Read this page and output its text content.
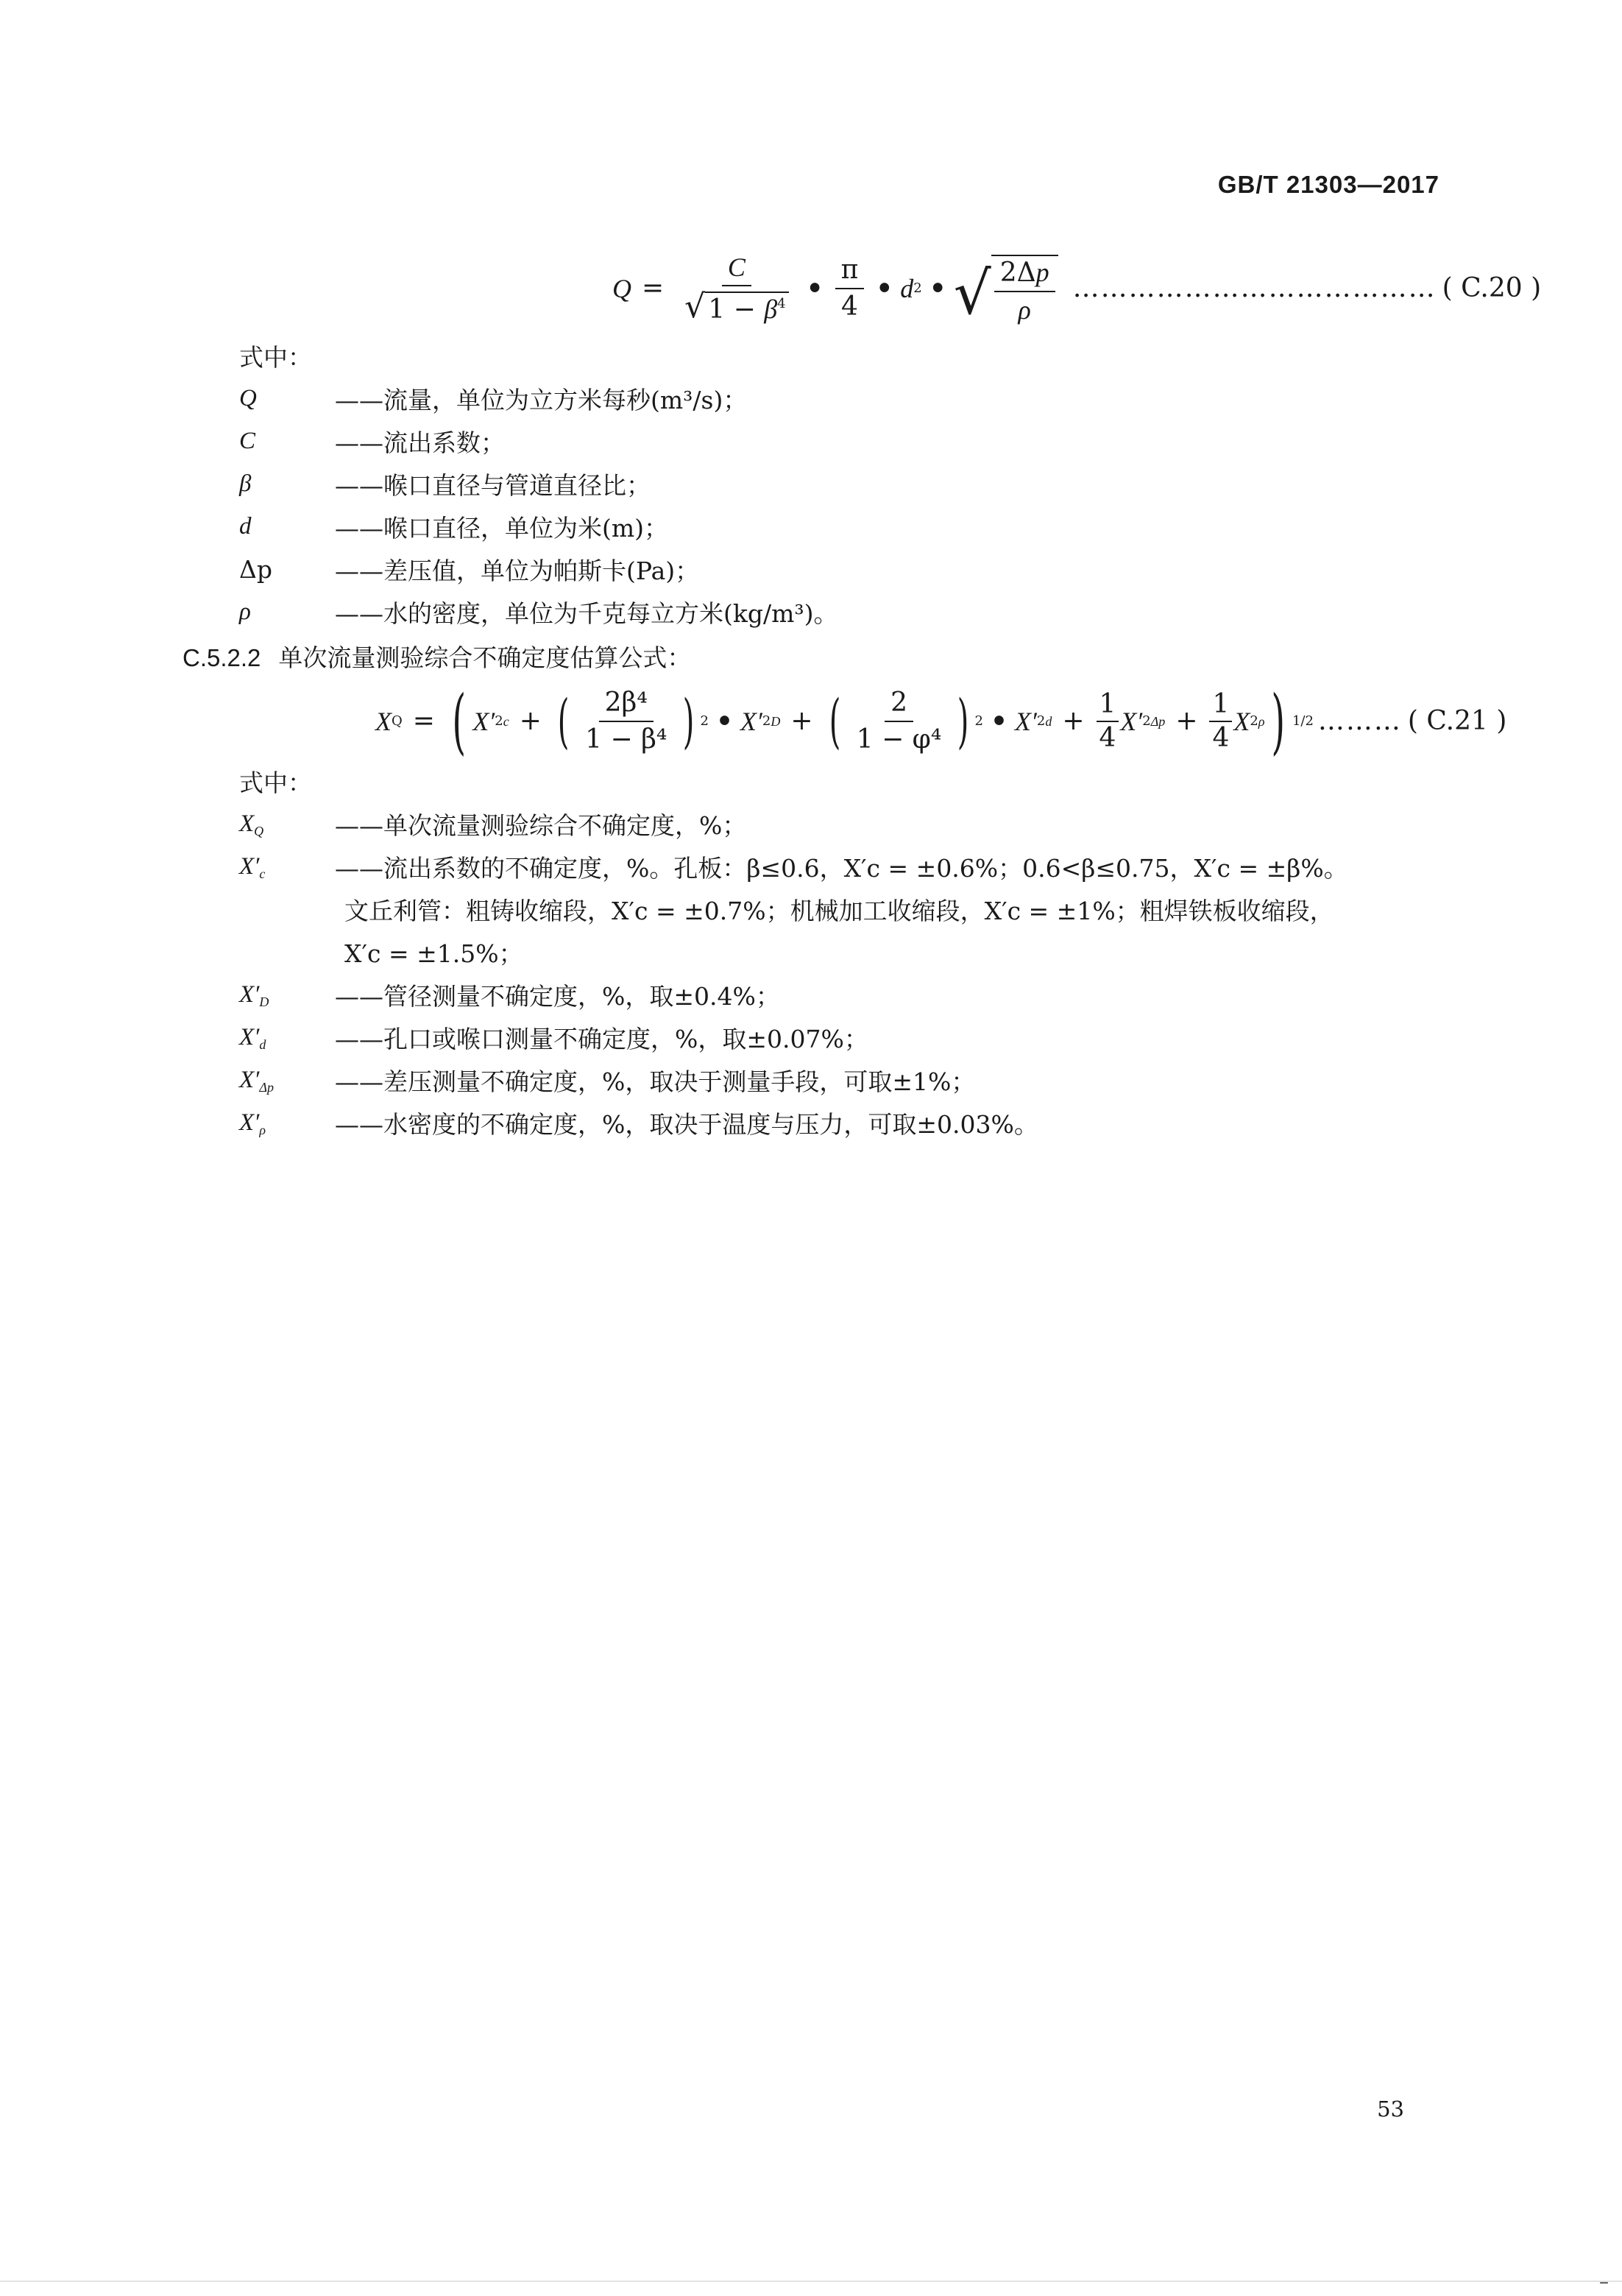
GB/T 21303—2017
$Q = \frac{C}{√ 1 - \beta^4}$ • $\frac{\pi}{4}$ • d 2 • √ $\frac{2\Delta p}{\rho}$ ………………………………… ( C.20 )
式中：
Q	——流量，单位为立方米每秒(m³/s)；
C	——流出系数；
β	——喉口直径与管道直径比；
d	——喉口直径，单位为米(m)；
Δp	——差压值，单位为帕斯卡(Pa)；
ρ	——水的密度，单位为千克每立方米(kg/m³)。
C.5.2.2 单次流量测验综合不确定度估算公式：
X Q = ( X′ 2 c + ( $\frac{\text{2β⁴}}{\text{1 − β⁴}}$ ) 2 • X′ 2 D + ( $\frac{2}{\text{1 − φ⁴}}$ ) 2 • X′ 2 $d + \frac{1}{4} X'$ 2 $\Delta p + \frac{1}{4}$ X 2 ρ ) 1/2 ……… ( C.21 )
式中：
$X_Q$	——单次流量测验综合不确定度，%；
$X'_c$	——流出系数的不确定度，%。孔板：β≤0.6，X′c = ±0.6%；0.6<β≤0.75，X′c = ±β%。
文丘利管：粗铸收缩段，X′c = ±0.7%；机械加工收缩段，X′c = ±1%；粗焊铁板收缩段，
X′c = ±1.5%；
$X'_D$	——管径测量不确定度，%，取±0.4%；
$X'_d$	——孔口或喉口测量不确定度，%，取±0.07%；
$X'_{\Delta p}$	——差压测量不确定度，%，取决于测量手段，可取±1%；
$X'_\rho$	——水密度的不确定度，%，取决于温度与压力，可取±0.03%。
53
–
